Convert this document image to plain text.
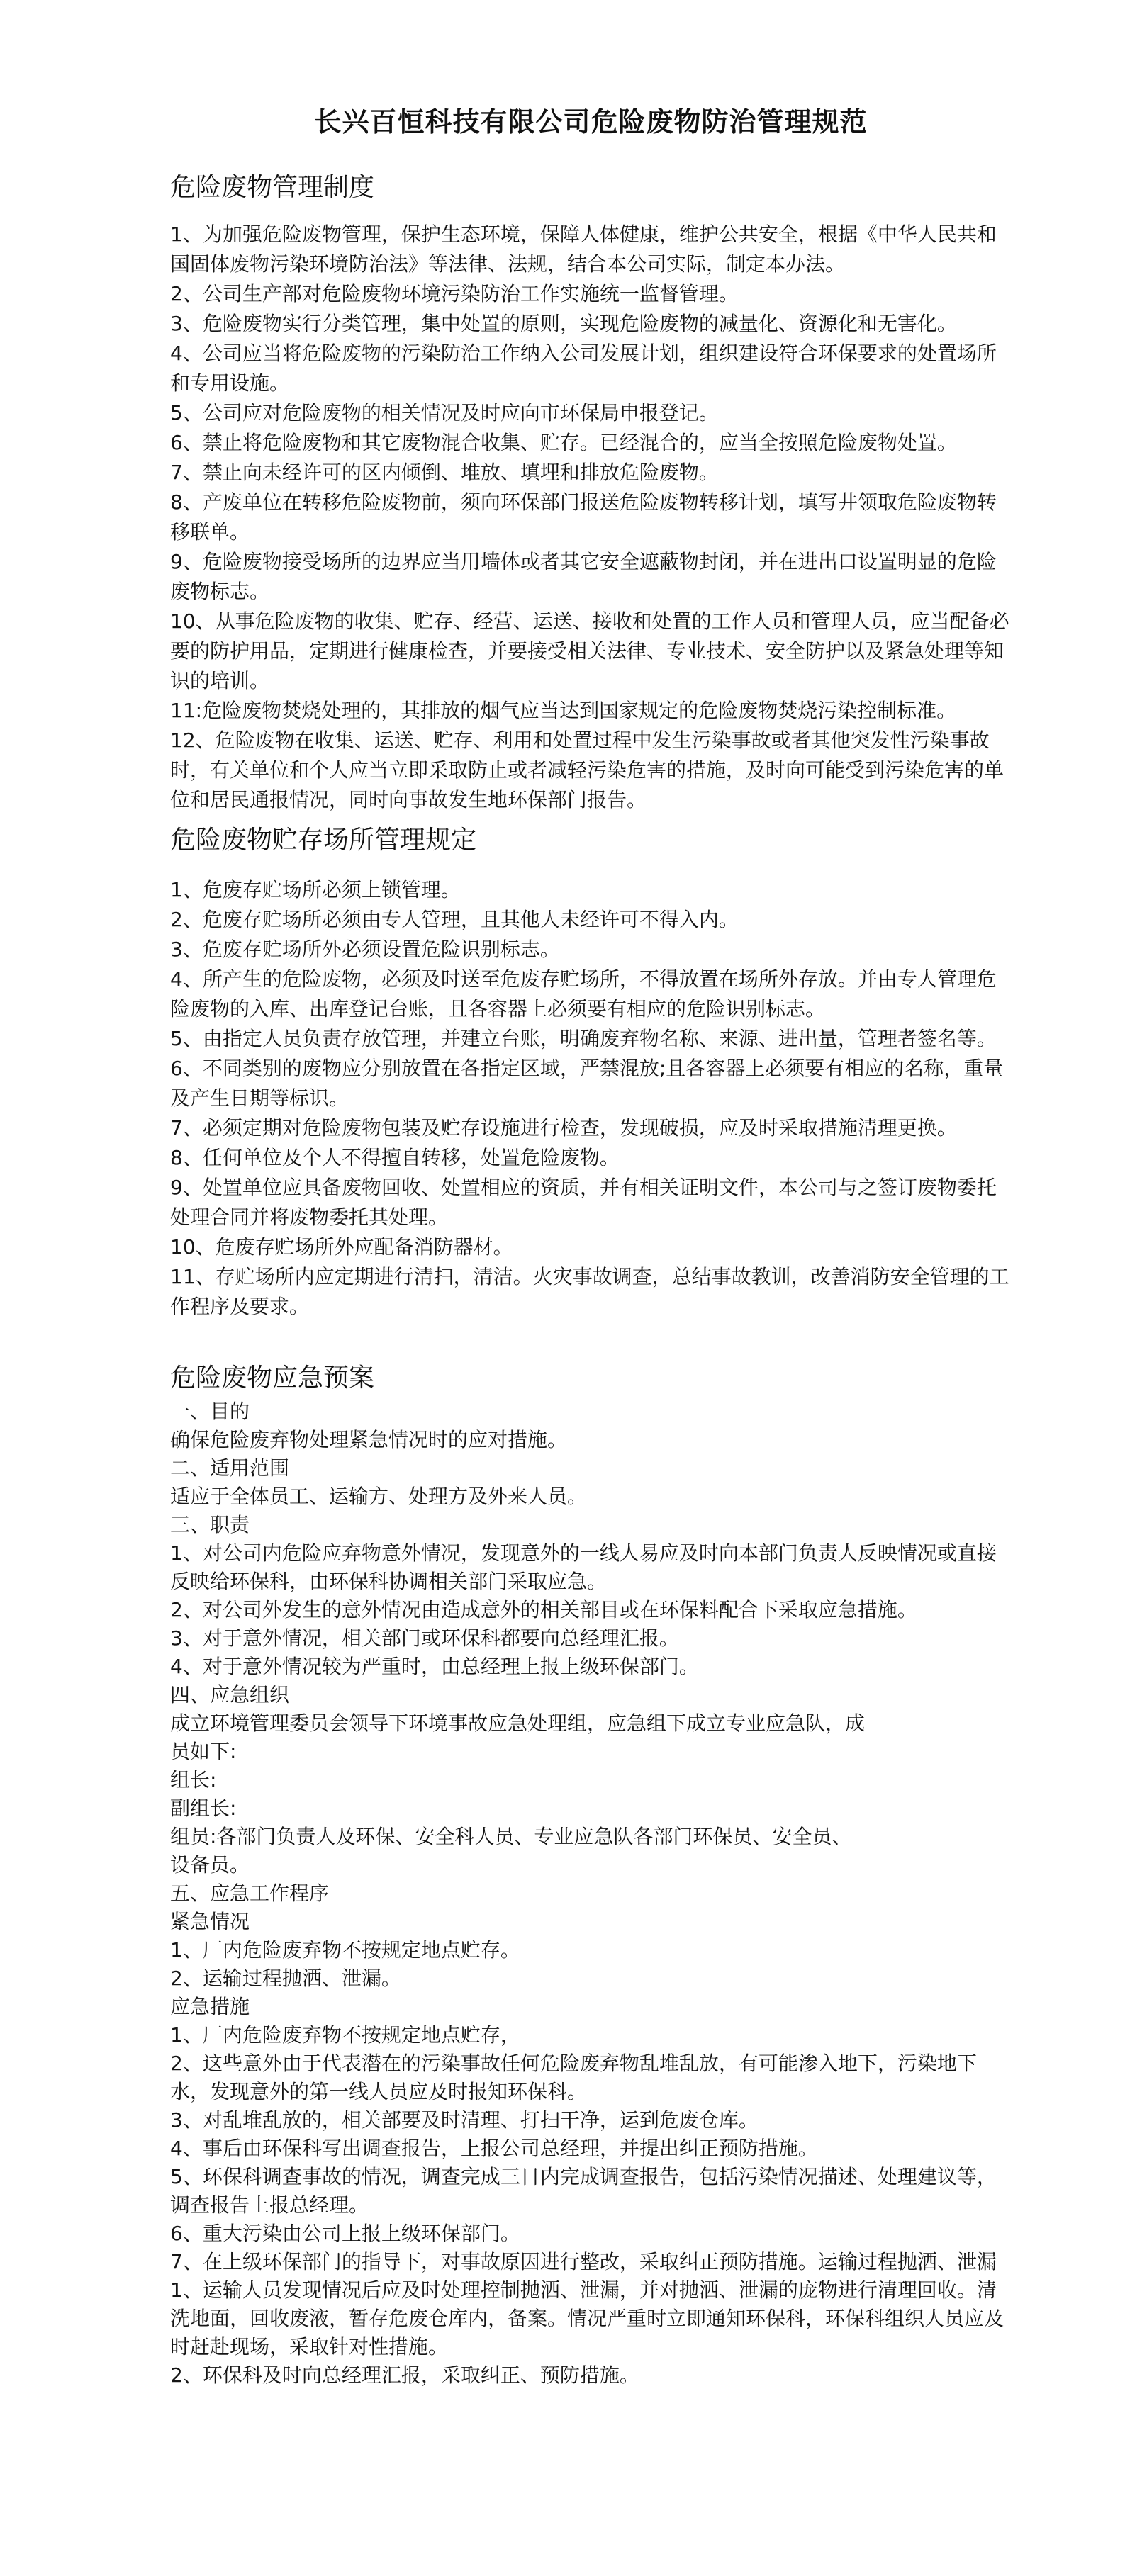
长兴百恒科技有限公司危险废物防治管理规范
危险废物管理制度

1、为加强危险废物管理，保护生态环境，保障人体健康，维护公共安全，根据《中华人民共和国固体废物污染环境防治法》等法律、法规，结合本公司实际，制定本办法。

2、公司生产部对危险废物环境污染防治工作实施统一监督管理。

3、危险废物实行分类管理，集中处置的原则，实现危险废物的减量化、资源化和无害化。

4、公司应当将危险废物的污染防治工作纳入公司发展计划，组织建设符合环保要求的处置场所和专用设施。

5、公司应对危险废物的相关情况及时应向市环保局申报登记。

6、禁止将危险废物和其它废物混合收集、贮存。已经混合的，应当全按照危险废物处置。

7、禁止向未经许可的区内倾倒、堆放、填埋和排放危险废物。

8、产废单位在转移危险废物前，须向环保部门报送危险废物转移计划，填写井领取危险废物转移联单。

9、危险废物接受场所的边界应当用墙体或者其它安全遮蔽物封闭，并在进出口设置明显的危险废物标志。

10、从事危险废物的收集、贮存、经营、运送、接收和处置的工作人员和管理人员，应当配备必要的防护用品，定期进行健康检查，并要接受相关法律、专业技术、安全防护以及紧急处理等知识的培训。

11:危险废物焚烧处理的，其排放的烟气应当达到国家规定的危险废物焚烧污染控制标准。

12、危险废物在收集、运送、贮存、利用和处置过程中发生污染事故或者其他突发性污染事故时，有关单位和个人应当立即采取防止或者减轻污染危害的措施，及时向可能受到污染危害的单位和居民通报情况，同时向事故发生地环保部门报告。

危险废物贮存场所管理规定

1、危废存贮场所必须上锁管理。

2、危废存贮场所必须由专人管理，且其他人未经许可不得入内。

3、危废存贮场所外必须设置危险识别标志。

4、所产生的危险废物，必须及时送至危废存贮场所，不得放置在场所外存放。并由专人管理危险废物的入库、出库登记台账，且各容器上必须要有相应的危险识别标志。

5、由指定人员负责存放管理，并建立台账，明确废弃物名称、来源、进出量，管理者签名等。

6、不同类别的废物应分别放置在各指定区域，严禁混放;且各容器上必须要有相应的名称，重量及产生日期等标识。

7、必须定期对危险废物包装及贮存设施进行检查，发现破损，应及时采取措施清理更换。

8、任何单位及个人不得擅自转移，处置危险废物。

9、处置单位应具备废物回收、处置相应的资质，并有相关证明文件，本公司与之签订废物委托处理合同并将废物委托其处理。

10、危废存贮场所外应配备消防器材。

11、存贮场所内应定期进行清扫，清洁。火灾事故调查，总结事故教训，改善消防安全管理的工作程序及要求。

危险废物应急预案

一、目的

确保危险废弃物处理紧急情况时的应对措施。

二、适用范围

适应于全体员工、运输方、处理方及外来人员。

三、职责

1、对公司内危险应弃物意外情况，发现意外的一线人易应及时向本部门负责人反映情况或直接反映给环保科，由环保科协调相关部门采取应急。

2、对公司外发生的意外情况由造成意外的相关部目或在环保料配合下采取应急措施。

3、对于意外情况，相关部门或环保科都要向总经理汇报。

4、对于意外情况较为严重时，由总经理上报上级环保部门。

四、应急组织

成立环境管理委员会领导下环境事故应急处理组，应急组下成立专业应急队，成

员如下:

组长:

副组长:

组员:各部门负责人及环保、安全科人员、专业应急队各部门环保员、安全员、

设备员。

五、应急工作程序

紧急情况

1、厂内危险废弃物不按规定地点贮存。

2、运输过程抛洒、泄漏。

应急措施

1、厂内危险废弃物不按规定地点贮存，

2、这些意外由于代表潜在的污染事故任何危险废弃物乱堆乱放，有可能渗入地下，污染地下水，发现意外的第一线人员应及时报知环保科。

3、对乱堆乱放的，相关部要及时清理、打扫干净，运到危废仓库。

4、事后由环保科写出调查报告，上报公司总经理，并提出纠正预防措施。

5、环保科调查事故的情况，调查完成三日内完成调查报告，包括污染情况描述、处理建议等，调查报告上报总经理。

6、重大污染由公司上报上级环保部门。

7、在上级环保部门的指导下，对事故原因进行整改，采取纠正预防措施。运输过程抛洒、泄漏

1、运输人员发现情况后应及时处理控制抛洒、泄漏，并对抛洒、泄漏的庞物进行清理回收。清洗地面，回收废液，暂存危废仓库内，备案。情况严重时立即通知环保科，环保科组织人员应及时赶赴现场，采取针对性措施。

2、环保科及时向总经理汇报，采取纠正、预防措施。
